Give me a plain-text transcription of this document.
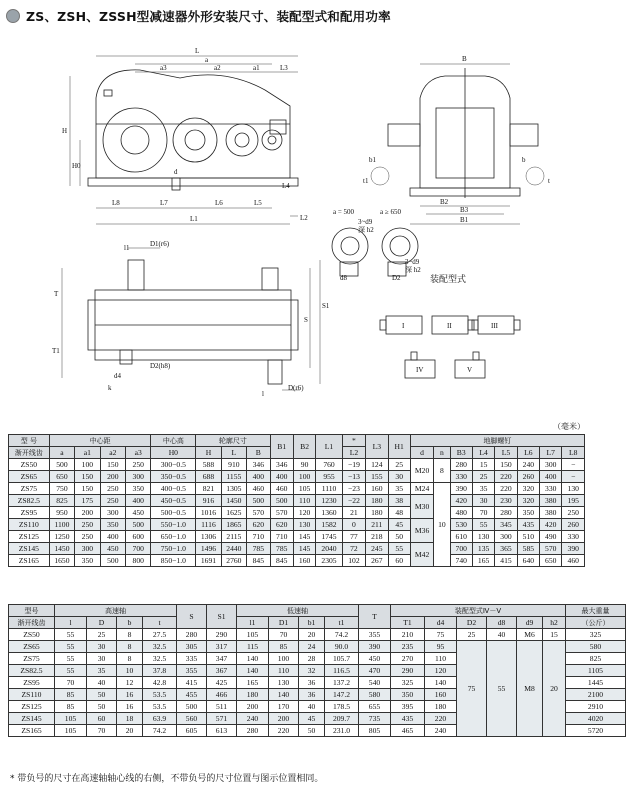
ZS、ZSH、ZSSH型减速器外形安装尺寸、装配型式和配用功率
L
a
a3	a2	a1	L3
H
H0
d
L4
L8	L7	L6	L5
L1	L2
B
b1	b
t1	t
B2
B3
B1
a = 500	a ≥ 650
3~d9
深 h2
3~d9
深 h2
d8	D2
D1(r6)
D2(h8)
D(r6)
d4
k
T
T1
S
S1
l1
l
装配型式
I	II	III
IV	V
（毫米）
型 号	中心距				中心高	轮廓尺寸			B1	B2	L1	*	L3	H1	地脚螺钉							
渐开线齿	a	a1	a2	a3	H0	H	L	B				L2			d	n	B3	L4	L5	L6	L7	L8
ZS50	500	100	150	250	300−0.5	588	910	346	346	90	760	−19	124	25	M20	8	280	15	150	240	300	−
ZS65	650	150	200	300	350−0.5	688	1155	400	400	100	955	−13	155	30			330	25	220	260	400	−
ZS75	750	150	250	350	400−0.5	821	1305	460	460	105	1110	−23	160	35	M24	10	390	35	220	320	330	130
ZS82.5	825	175	250	400	450−0.5	916	1450	500	500	110	1230	−22	180	38	M30		420	30	230	320	380	195
ZS95	950	200	300	450	500−0.5	1016	1625	570	570	120	1360	21	180	48			480	70	280	350	380	250
ZS110	1100	250	350	500	550−1.0	1116	1865	620	620	130	1582	0	211	45	M36		530	55	345	435	420	260
ZS125	1250	250	400	600	650−1.0	1306	2115	710	710	145	1745	77	218	50			610	130	300	510	490	330
ZS145	1450	300	450	700	750−1.0	1496	2440	785	785	145	2040	72	245	55	M42		700	135	365	585	570	390
ZS165	1650	350	500	800	850−1.0	1691	2760	845	845	160	2305	102	267	60			740	165	415	640	650	460
型号	高速轴				S	S1	低速轴				T	装配型式Ⅳ－Ⅴ						最大重量
渐开线齿	l	D	b	t			l1	D1	b1	t1		T1	d4	D2	d8	d9	h2	（公斤）
ZS50	55	25	8	27.5	280	290	105	70	20	74.2	355	210	75	25	40	M6	15	325
ZS65	55	30	8	32.5	305	317	115	85	24	90.0	390	235	95	75	55	M8	20	580
ZS75	55	30	8	32.5	335	347	140	100	28	105.7	450	270	110					825
ZS82.5	55	35	10	37.8	355	367	140	110	32	116.5	470	290	120					1105
ZS95	70	40	12	42.8	415	425	165	130	36	137.2	540	325	140					1445
ZS110	85	50	16	53.5	455	466	180	140	36	147.2	580	350	160					2100
ZS125	85	50	16	53.5	500	511	200	170	40	178.5	655	395	180					2910
ZS145	105	60	18	63.9	560	571	240	200	45	209.7	735	435	220					4020
ZS165	105	70	20	74.2	605	613	280	220	50	231.0	805	465	240					5720
* 带负号的尺寸在高速轴轴心线的右侧，不带负号的尺寸位置与图示位置相同。
